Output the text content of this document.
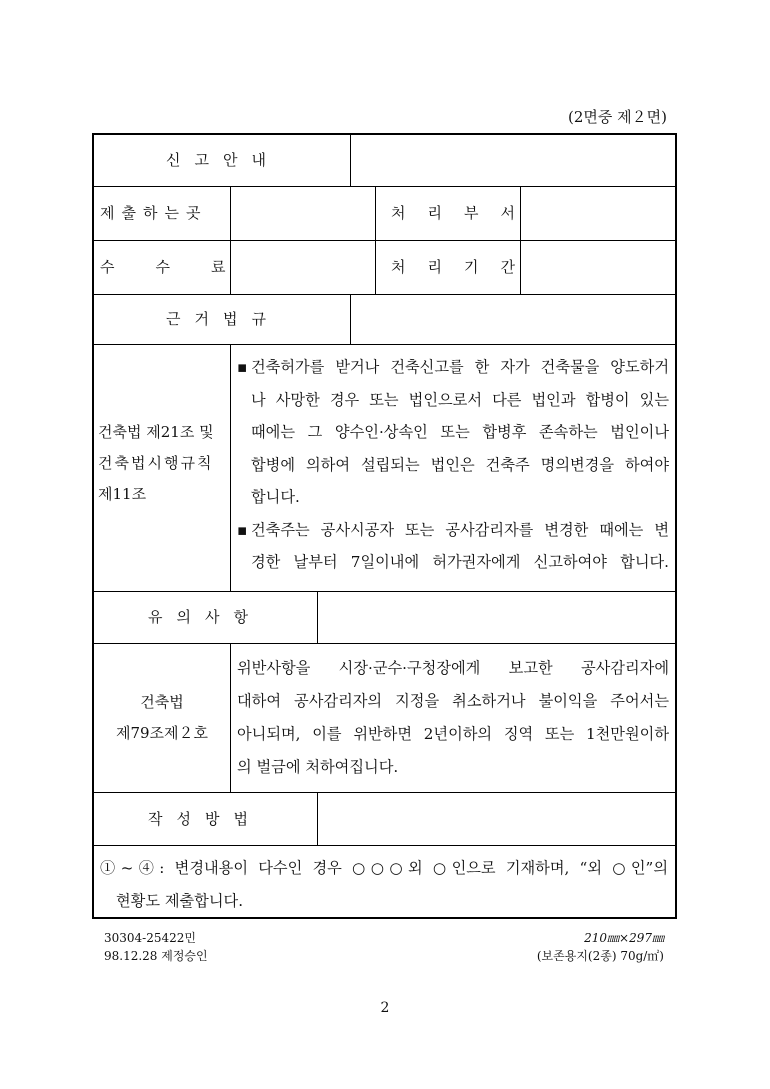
(2면중 제２면)
신고안내
제출하는곳	처리부서
수수료	처리기간
근거법규
건축법 제21조 및
건축법시행규칙
제11조
▪ 건축허가를 받거나 건축신고를 한 자가 건축물을 양도하거
나 사망한 경우 또는 법인으로서 다른 법인과 합병이 있는
때에는 그 양수인·상속인 또는 합병후 존속하는 법인이나
합병에 의하여 설립되는 법인은 건축주 명의변경을 하여야
합니다.
▪ 건축주는 공사시공자 또는 공사감리자를 변경한 때에는 변
경한 날부터 7일이내에 허가권자에게 신고하여야 합니다.
유의사항
건축법
제79조제２호
위반사항을 시장·군수·구청장에게 보고한 공사감리자에
대하여 공사감리자의 지정을 취소하거나 불이익을 주어서는
아니되며, 이를 위반하면 2년이하의 징역 또는 1천만원이하
의 벌금에 처하여집니다.
작성방법
①~④: 변경내용이 다수인 경우 ○○○외 ○인으로 기재하며, “외 ○인”의
현황도 제출합니다.
30304-25422민
98.12.28 제정승인
210㎜×297㎜
(보존용지(2종) 70g/㎡)
2
